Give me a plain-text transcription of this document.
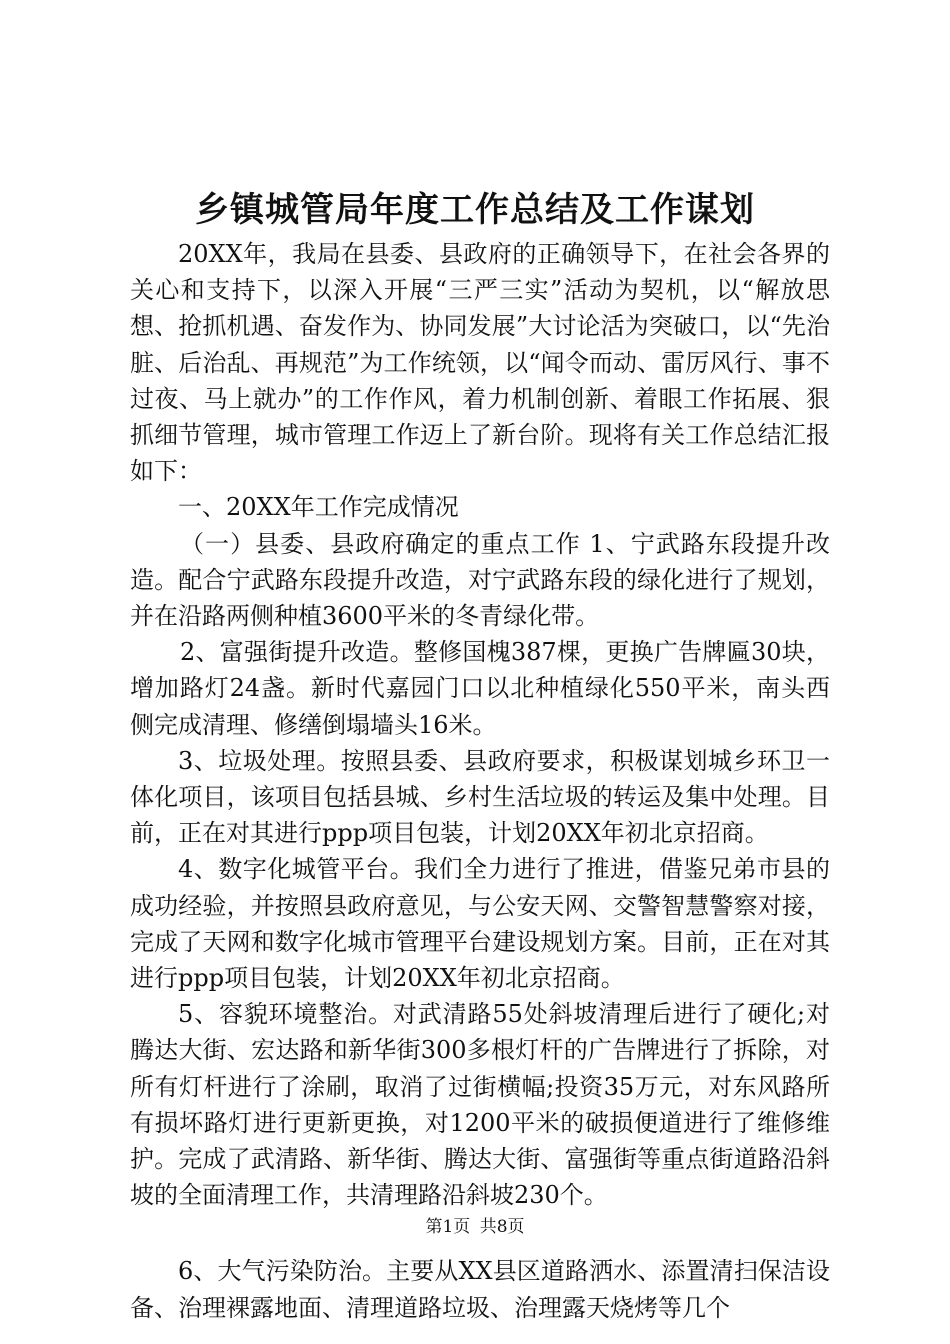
乡镇城管局年度工作总结及工作谋划

20XX年，我局在县委、县政府的正确领导下，在社会各界的关心和支持下，以深入开展“三严三实”活动为契机，以“解放思想、抢抓机遇、奋发作为、协同发展”大讨论活为突破口，以“先治脏、后治乱、再规范”为工作统领，以“闻令而动、雷厉风行、事不过夜、马上就办”的工作作风，着力机制创新、着眼工作拓展、狠抓细节管理，城市管理工作迈上了新台阶。现将有关工作总结汇报如下：

一、20XX年工作完成情况

（一）县委、县政府确定的重点工作 1、宁武路东段提升改造。配合宁武路东段提升改造，对宁武路东段的绿化进行了规划，并在沿路两侧种植3600平米的冬青绿化带。

2、富强街提升改造。整修国槐387棵，更换广告牌匾30块，增加路灯24盏。新时代嘉园门口以北种植绿化550平米，南头西侧完成清理、修缮倒塌墙头16米。

3、垃圾处理。按照县委、县政府要求，积极谋划城乡环卫一体化项目，该项目包括县城、乡村生活垃圾的转运及集中处理。目前，正在对其进行ppp项目包装，计划20XX年初北京招商。

4、数字化城管平台。我们全力进行了推进，借鉴兄弟市县的成功经验，并按照县政府意见，与公安天网、交警智慧警察对接，完成了天网和数字化城市管理平台建设规划方案。目前，正在对其进行ppp项目包装，计划20XX年初北京招商。

5、容貌环境整治。对武清路55处斜坡清理后进行了硬化;对腾达大街、宏达路和新华街300多根灯杆的广告牌进行了拆除，对所有灯杆进行了涂刷，取消了过街横幅;投资35万元，对东风路所有损坏路灯进行更新更换，对1200平米的破损便道进行了维修维护。完成了武清路、新华街、腾达大街、富强街等重点街道路沿斜坡的全面清理工作，共清理路沿斜坡230个。

6、大气污染防治。主要从XX县区道路洒水、添置清扫保洁设备、治理裸露地面、清理道路垃圾、治理露天烧烤等几个

第1页 共8页
